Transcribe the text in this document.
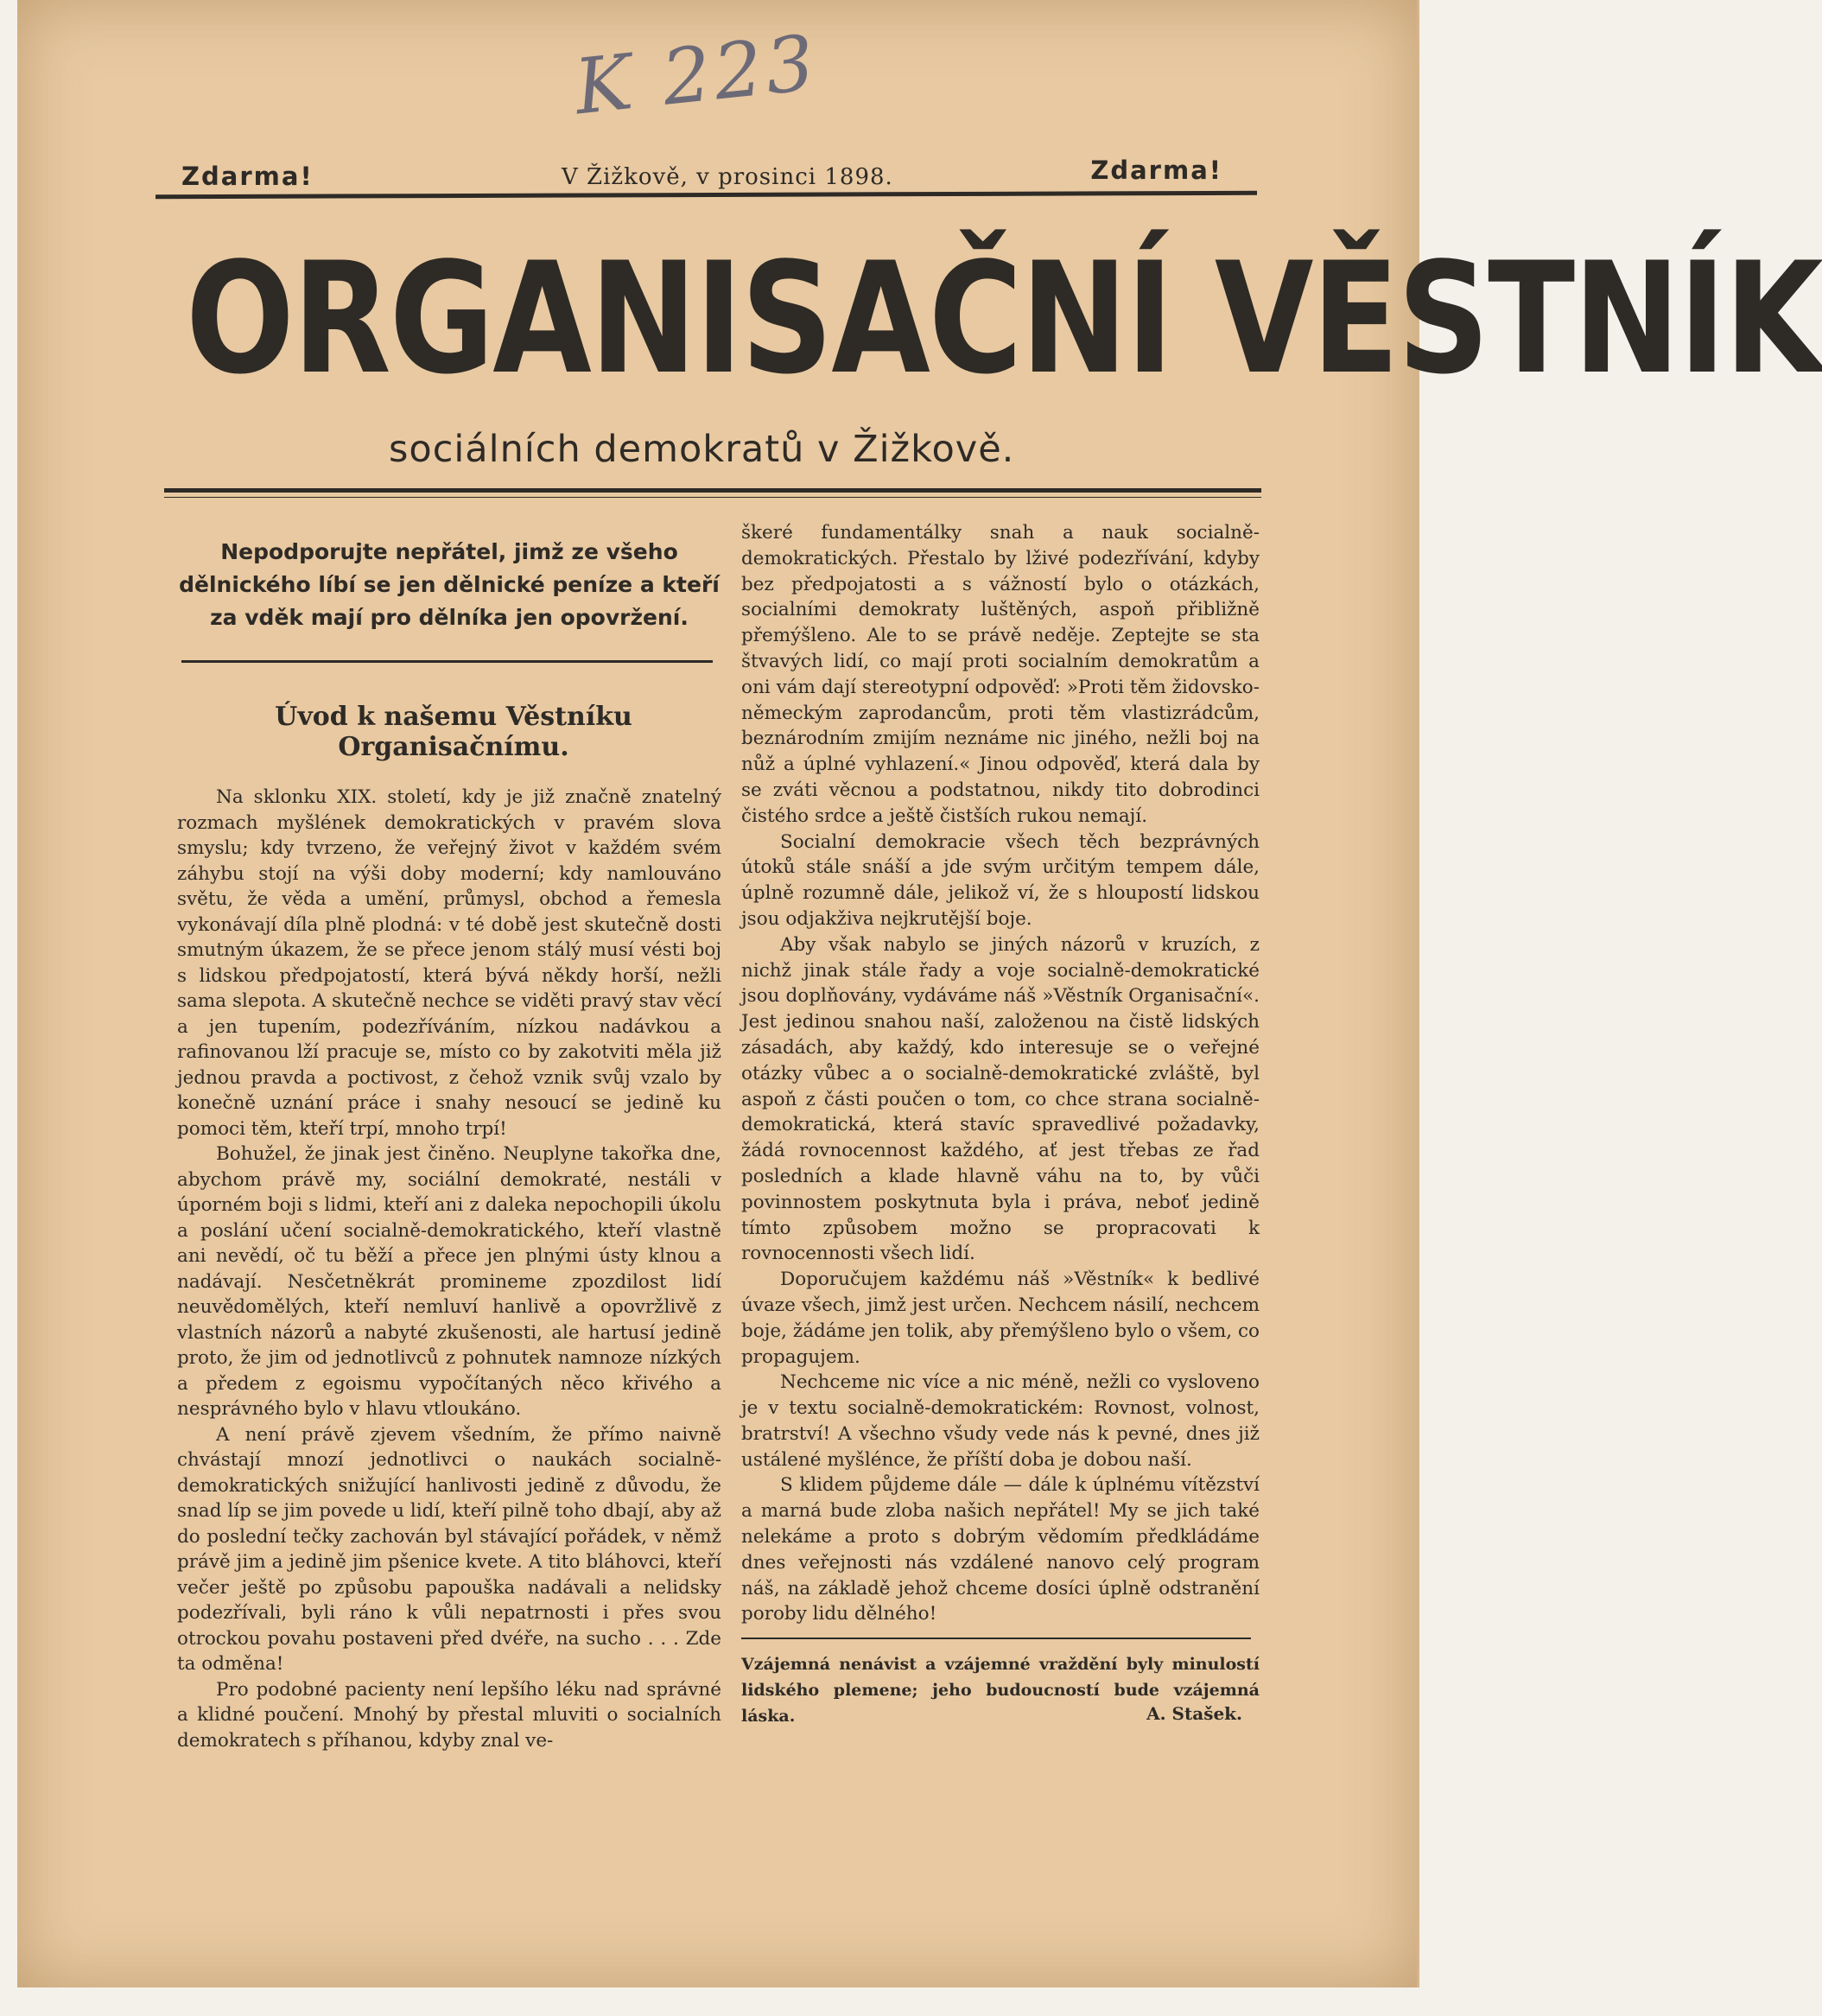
K 223
Zdarma!	V Žižkově, v prosinci 1898.	Zdarma!
ORGANISAČNÍ VĚSTNÍK
sociálních demokratů v Žižkově.

Nepodporujte nepřátel, jimž ze všeho dělnického líbí se jen dělnické peníze a kteří za vděk mají pro dělníka jen opovržení.

Úvod k našemu Věstníku Organisačnímu.

Na sklonku XIX. století, kdy je již značně znatelný rozmach myšlének demokratických v pravém slova smyslu; kdy tvrzeno, že veřejný život v každém svém záhybu stojí na výši doby moderní; kdy namlouváno světu, že věda a umění, průmysl, obchod a řemesla vykonávají díla plně plodná: v té době jest skutečně dosti smutným úkazem, že se přece jenom stálý musí vésti boj s lidskou předpojatostí, která bývá někdy horší, nežli sama slepota. A skutečně nechce se viděti pravý stav věcí a jen tupením, podezříváním, nízkou nadávkou a rafinovanou lží pracuje se, místo co by zakotviti měla již jednou pravda a poctivost, z čehož vznik svůj vzalo by konečně uznání práce i snahy nesoucí se jedině ku pomoci těm, kteří trpí, mnoho trpí!

Bohužel, že jinak jest činěno. Neuplyne takořka dne, abychom právě my, sociální demokraté, nestáli v úporném boji s lidmi, kteří ani z daleka nepochopili úkolu a poslání učení socialně-demokratického, kteří vlastně ani nevědí, oč tu běží a přece jen plnými ústy klnou a nadávají. Nesčetněkrát promineme zpozdilost lidí neuvědomělých, kteří nemluví hanlivě a opovržlivě z vlastních názorů a nabyté zkušenosti, ale hartusí jedině proto, že jim od jednotlivců z pohnutek namnoze nízkých a předem z egoismu vypočítaných něco křivého a nesprávného bylo v hlavu vtloukáno.

A není právě zjevem všedním, že přímo naivně chvástají mnozí jednotlivci o naukách socialně-demokratických snižující hanlivosti jedině z důvodu, že snad líp se jim povede u lidí, kteří pilně toho dbají, aby až do poslední tečky zachován byl stávající pořádek, v němž právě jim a jedině jim pšenice kvete. A tito bláhovci, kteří večer ještě po způsobu papouška nadávali a nelidsky podezřívali, byli ráno k vůli nepatrnosti i přes svou otrockou povahu postaveni před dvéře, na sucho . . . Zde ta odměna!

Pro podobné pacienty není lepšího léku nad správné a klidné poučení. Mnohý by přestal mluviti o socialních demokratech s příhanou, kdyby znal ve-

škeré fundamentálky snah a nauk socialně-demokratických. Přestalo by lživé podezřívání, kdyby bez předpojatosti a s vážností bylo o otázkách, socialními demokraty luštěných, aspoň přibližně přemýšleno. Ale to se právě neděje. Zeptejte se sta štvavých lidí, co mají proti socialním demokratům a oni vám dají stereotypní odpověď: »Proti těm židovsko-německým zaprodancům, proti těm vlastizrádcům, beznárodním zmijím neznáme nic jiného, nežli boj na nůž a úplné vyhlazení.« Jinou odpověď, která dala by se zváti věcnou a podstatnou, nikdy tito dobrodinci čistého srdce a ještě čistších rukou nemají.

Socialní demokracie všech těch bezprávných útoků stále snáší a jde svým určitým tempem dále, úplně rozumně dále, jelikož ví, že s hloupostí lidskou jsou odjakživa nejkrutější boje.

Aby však nabylo se jiných názorů v kruzích, z nichž jinak stále řady a voje socialně-demokratické jsou doplňovány, vydáváme náš »Věstník Organisační«. Jest jedinou snahou naší, založenou na čistě lidských zásadách, aby každý, kdo interesuje se o veřejné otázky vůbec a o socialně-demokratické zvláště, byl aspoň z části poučen o tom, co chce strana socialně-demokratická, která stavíc spravedlivé požadavky, žádá rovnocennost každého, ať jest třebas ze řad posledních a klade hlavně váhu na to, by vůči povinnostem poskytnuta byla i práva, neboť jedině tímto způsobem možno se propracovati k rovnocennosti všech lidí.

Doporučujem každému náš »Věstník« k bedlivé úvaze všech, jimž jest určen. Nechcem násilí, nechcem boje, žádáme jen tolik, aby přemýšleno bylo o všem, co propagujem.

Nechceme nic více a nic méně, nežli co vysloveno je v textu socialně-demokratickém: Rovnost, volnost, bratrství! A všechno všudy vede nás k pevné, dnes již ustálené myšlénce, že příští doba je dobou naší.

S klidem půjdeme dále — dále k úplnému vítězství a marná bude zloba našich nepřátel! My se jich také nelekáme a proto s dobrým vědomím předkládáme dnes veřejnosti nás vzdálené nanovo celý program náš, na základě jehož chceme dosíci úplně odstranění poroby lidu dělného!

Vzájemná nenávist a vzájemné vraždění byly minulostí lidského plemene; jeho budoucností bude vzájemná láska.	A. Stašek.
